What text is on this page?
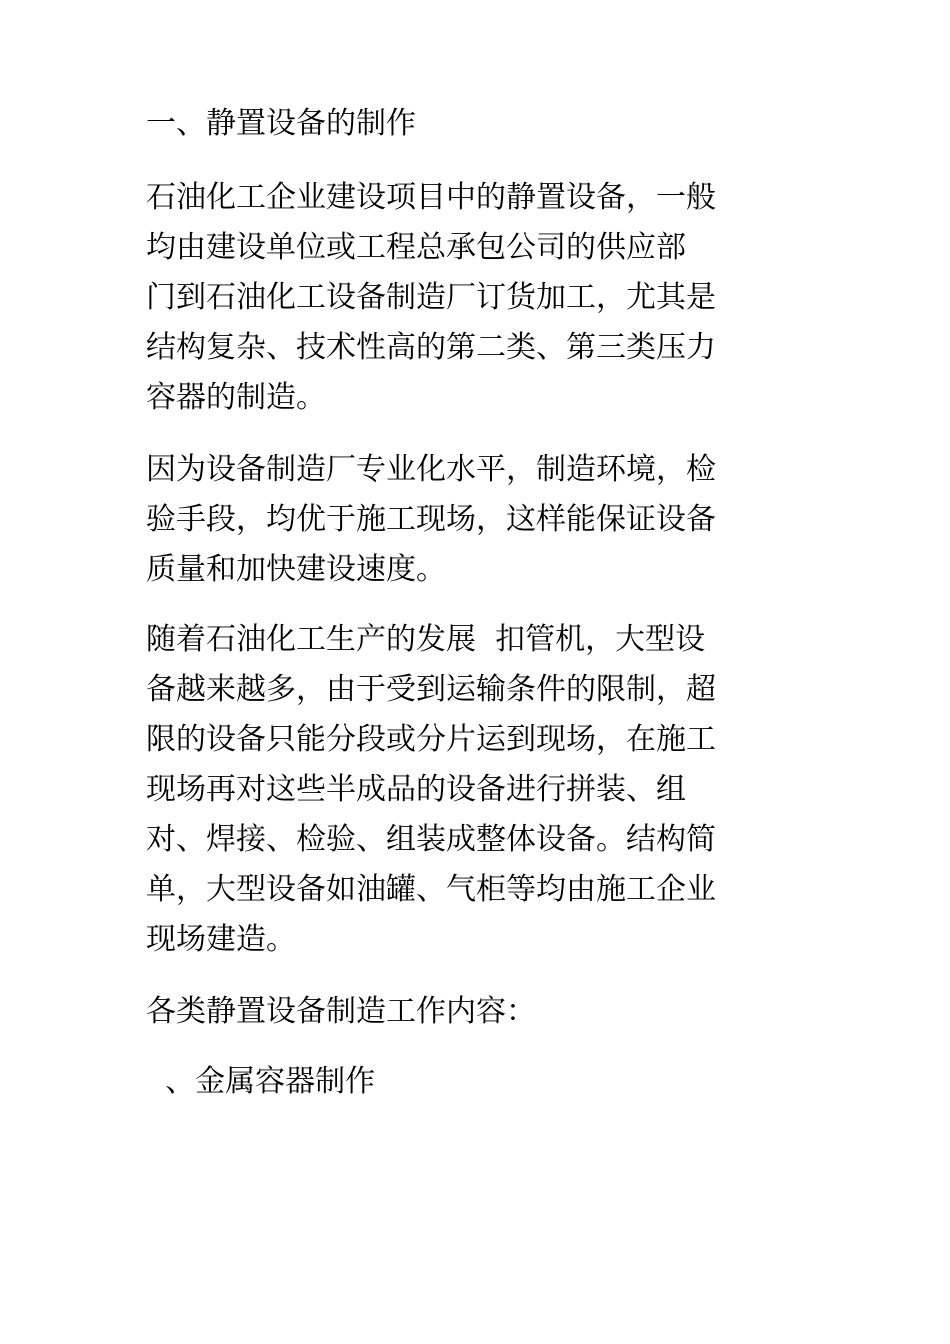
一、静置设备的制作

石油化工企业建设项目中的静置设备，一般

均由建设单位或工程总承包公司的供应部

门到石油化工设备制造厂订货加工，尤其是

结构复杂、技术性高的第二类、第三类压力

容器的制造。

因为设备制造厂专业化水平，制造环境，检

验手段，均优于施工现场，这样能保证设备

质量和加快建设速度。

随着石油化工生产的发展  扣管机，大型设

备越来越多，由于受到运输条件的限制，超

限的设备只能分段或分片运到现场，在施工

现场再对这些半成品的设备进行拼装、组

对、焊接、检验、组装成整体设备。结构简

单，大型设备如油罐、气柜等均由施工企业

现场建造。

各类静置设备制造工作内容：

、金属容器制作
